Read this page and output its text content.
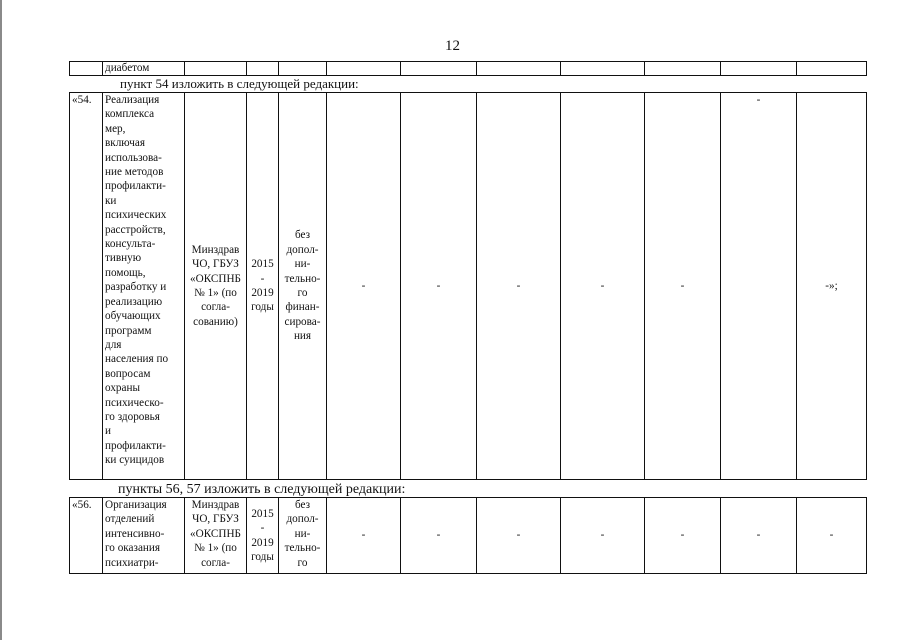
12
	диабетом										
пункт 54 изложить в следующей редакции:
«54.	Реализация
комплекса
мер,
включая
использова-
ние методов
профилакти-
ки
психических
расстройств,
консульта-
тивную
помощь,
разработку и
реализацию
обучающих
программ
для
населения по
вопросам
охраны
психическо-
го здоровья
и
профилакти-
ки суицидов	Минздрав
ЧО, ГБУЗ
«ОКСПНБ
№ 1» (по
согла-
сованию)	2015
-
2019
годы	без
допол-
ни-
тельно-
го
финан-
сирова-
ния	-	-	-	-	-	-	-»;
пункты 56, 57 изложить в следующей редакции:
«56.	Организация
отделений
интенсивно-
го оказания
психиатри-	Минздрав
ЧО, ГБУЗ
«ОКСПНБ
№ 1» (по
согла-	2015
-
2019
годы	без
допол-
ни-
тельно-
го	-	-	-	-	-	-	-
